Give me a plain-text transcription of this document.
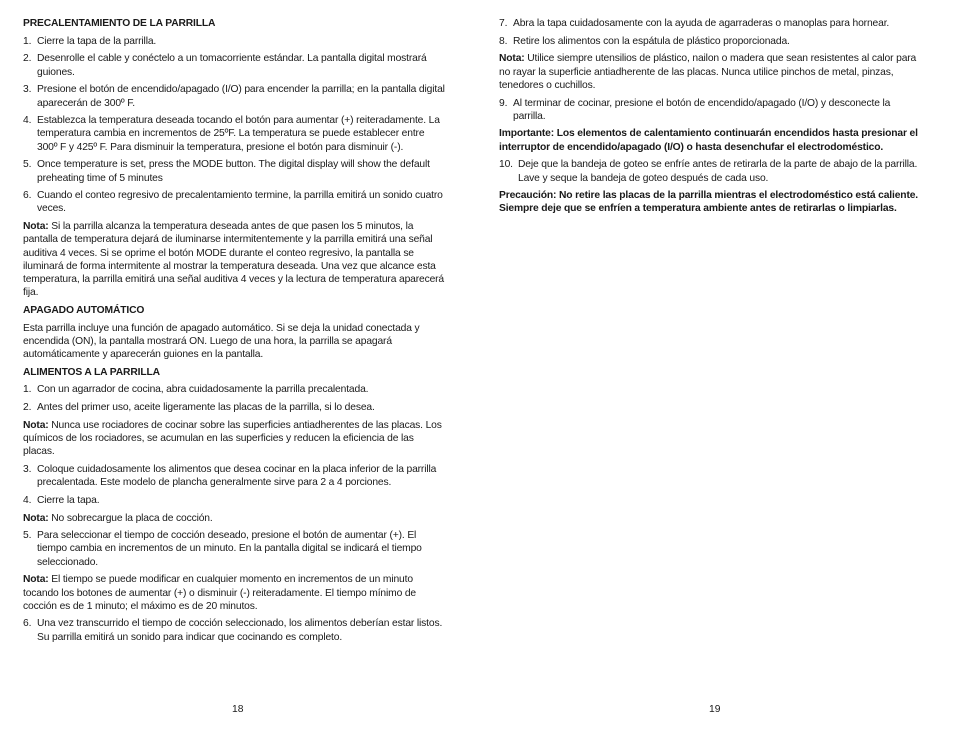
PRECALENTAMIENTO DE LA PARRILLA
1. Cierre la tapa de la parrilla.
2. Desenrolle el cable y conéctelo a un tomacorriente estándar. La pantalla digital mostrará guiones.
3. Presione el botón de encendido/apagado (I/O) para encender la parrilla; en la pantalla digital aparecerán de 300º F.
4. Establezca la temperatura deseada tocando el botón para aumentar (+) reiteradamente. La temperatura cambia en incrementos de 25ºF. La temperatura se puede establecer entre 300º F y 425º F. Para disminuir la temperatura, presione el botón para disminuir (-).
5. Once temperature is set, press the MODE button. The digital display will show the default preheating time of 5 minutes
6. Cuando el conteo regresivo de precalentamiento termine, la parrilla emitirá un sonido cuatro veces.
Nota: Si la parrilla alcanza la temperatura deseada antes de que pasen los 5 minutos, la pantalla de temperatura dejará de iluminarse intermitentemente y la parrilla emitirá una señal auditiva 4 veces. Si se oprime el botón MODE durante el conteo regresivo, la pantalla se iluminará de forma intermitente al mostrar la temperatura deseada. Una vez que alcance esta temperatura, la parrilla emitirá una señal auditiva 4 veces y la lectura de temperatura aparecerá fija.
APAGADO AUTOMÁTICO
Esta parrilla incluye una función de apagado automático. Si se deja la unidad conectada y encendida (ON), la pantalla mostrará ON. Luego de una hora, la parrilla se apagará automáticamente y aparecerán guiones en la pantalla.
ALIMENTOS A LA PARRILLA
1. Con un agarrador de cocina, abra cuidadosamente la parrilla precalentada.
2. Antes del primer uso, aceite ligeramente las placas de la parrilla, si lo desea.
Nota: Nunca use rociadores de cocinar sobre las superficies antiadherentes de las placas. Los químicos de los rociadores, se acumulan en las superficies y reducen la eficiencia de las placas.
3. Coloque cuidadosamente los alimentos que desea cocinar en la placa inferior de la parrilla precalentada. Este modelo de plancha generalmente sirve para 2 a 4 porciones.
4. Cierre la tapa.
Nota: No sobrecargue la placa de cocción.
5. Para seleccionar el tiempo de cocción deseado, presione el botón de aumentar (+). El tiempo cambia en incrementos de un minuto. En la pantalla digital se indicará el tiempo seleccionado.
Nota: El tiempo se puede modificar en cualquier momento en incrementos de un minuto tocando los botones de aumentar (+) o disminuir (-) reiteradamente. El tiempo mínimo de cocción es de 1 minuto; el máximo es de 20 minutos.
6. Una vez transcurrido el tiempo de cocción seleccionado, los alimentos deberían estar listos. Su parrilla emitirá un sonido para indicar que cocinando es completo.
7. Abra la tapa cuidadosamente con la ayuda de agarraderas o manoplas para hornear.
8. Retire los alimentos con la espátula de plástico proporcionada.
Nota: Utilice siempre utensilios de plástico, nailon o madera que sean resistentes al calor para no rayar la superficie antiadherente de las placas. Nunca utilice pinchos de metal, pinzas, tenedores o cuchillos.
9. Al terminar de cocinar, presione el botón de encendido/apagado (I/O) y desconecte la parrilla.
Importante: Los elementos de calentamiento continuarán encendidos hasta presionar el interruptor de encendido/apagado (I/O) o hasta desenchufar el electrodoméstico.
10. Deje que la bandeja de goteo se enfríe antes de retirarla de la parte de abajo de la parrilla. Lave y seque la bandeja de goteo después de cada uso.
Precaución: No retire las placas de la parrilla mientras el electrodoméstico está caliente. Siempre deje que se enfríen a temperatura ambiente antes de retirarlas o limpiarlas.
18	19
